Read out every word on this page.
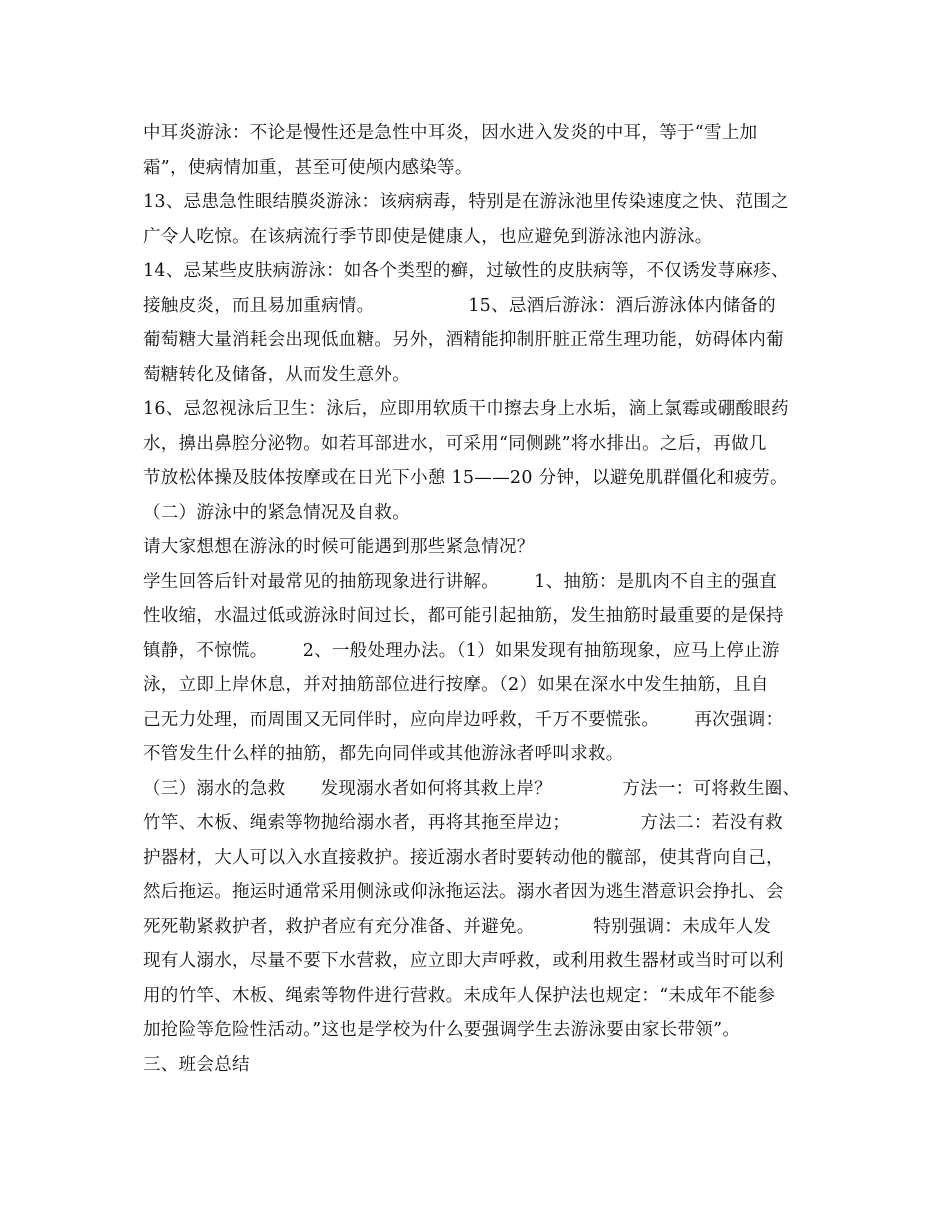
中耳炎游泳：不论是慢性还是急性中耳炎，因水进入发炎的中耳，等于“雪上加
霜”，使病情加重，甚至可使颅内感染等。
13、忌患急性眼结膜炎游泳：该病病毒，特别是在游泳池里传染速度之快、范围之
广令人吃惊。在该病流行季节即使是健康人，也应避免到游泳池内游泳。
14、忌某些皮肤病游泳：如各个类型的癣，过敏性的皮肤病等，不仅诱发荨麻疹、
接触皮炎，而且易加重病情。                15、忌酒后游泳：酒后游泳体内储备的
葡萄糖大量消耗会出现低血糖。另外，酒精能抑制肝脏正常生理功能，妨碍体内葡
萄糖转化及储备，从而发生意外。
16、忌忽视泳后卫生：泳后，应即用软质干巾擦去身上水垢，滴上氯霉或硼酸眼药
水，擤出鼻腔分泌物。如若耳部进水，可采用“同侧跳”将水排出。之后，再做几
节放松体操及肢体按摩或在日光下小憩 15——20 分钟，以避免肌群僵化和疲劳。
（二）游泳中的紧急情况及自救。
请大家想想在游泳的时候可能遇到那些紧急情况？
学生回答后针对最常见的抽筋现象进行讲解。      1、抽筋：是肌肉不自主的强直
性收缩，水温过低或游泳时间过长，都可能引起抽筋，发生抽筋时最重要的是保持
镇静，不惊慌。      2、一般处理办法。（1）如果发现有抽筋现象，应马上停止游
泳，立即上岸休息，并对抽筋部位进行按摩。（2）如果在深水中发生抽筋，且自
己无力处理，而周围又无同伴时，应向岸边呼救，千万不要慌张。      再次强调：
不管发生什么样的抽筋，都先向同伴或其他游泳者呼叫求救。
（三）溺水的急救      发现溺水者如何将其救上岸？            方法一：可将救生圈、
竹竿、木板、绳索等物抛给溺水者，再将其拖至岸边；            方法二：若没有救
护器材，大人可以入水直接救护。接近溺水者时要转动他的髋部，使其背向自己，
然后拖运。拖运时通常采用侧泳或仰泳拖运法。溺水者因为逃生潜意识会挣扎、会
死死勒紧救护者，救护者应有充分准备、并避免。          特别强调：未成年人发
现有人溺水，尽量不要下水营救，应立即大声呼救，或利用救生器材或当时可以利
用的竹竿、木板、绳索等物件进行营救。未成年人保护法也规定：“未成年不能参
加抢险等危险性活动。”这也是学校为什么要强调学生去游泳要由家长带领”。
三、班会总结
